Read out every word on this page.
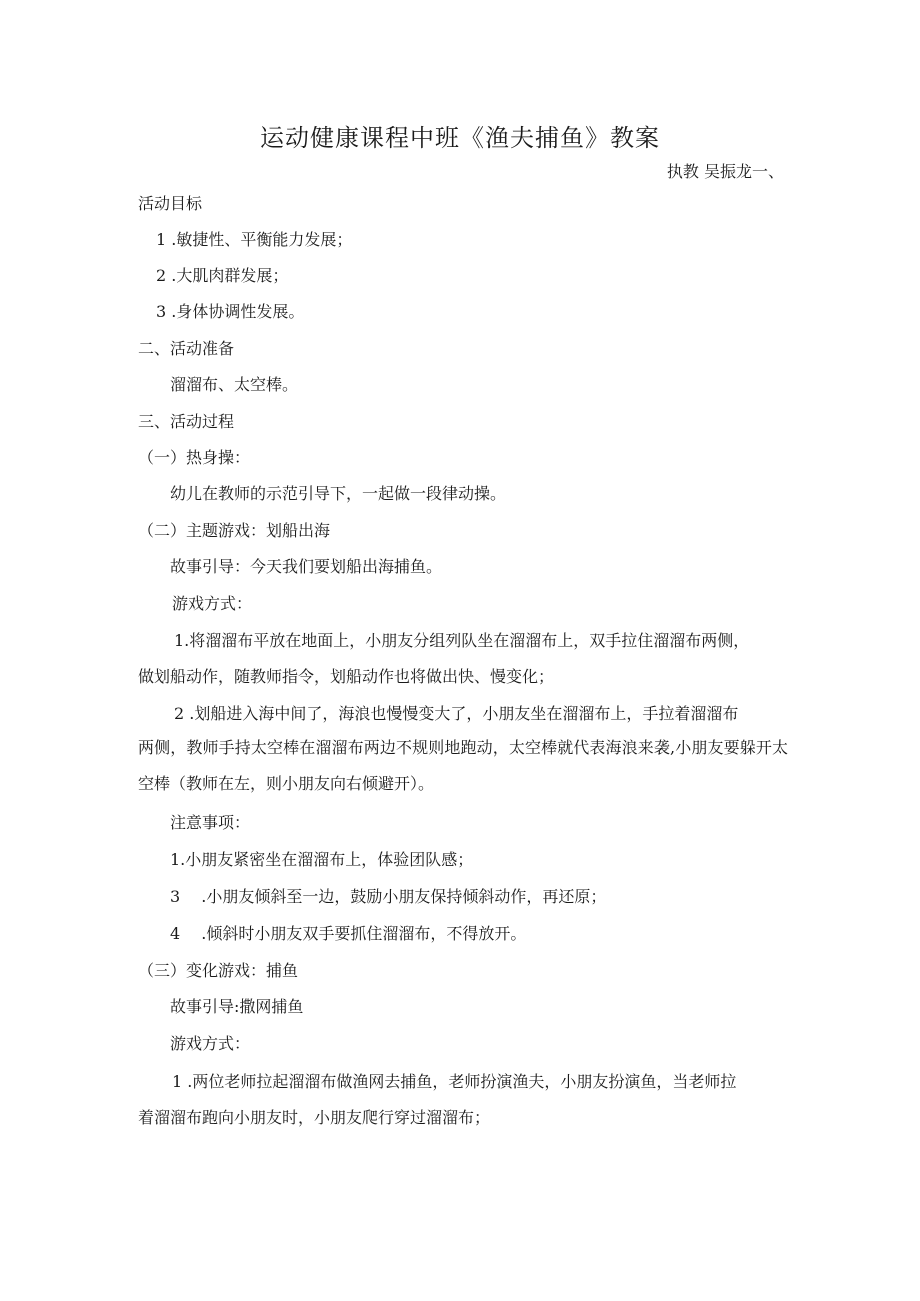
运动健康课程中班《渔夫捕鱼》教案
执教 吴振龙一、
活动目标
1 .敏捷性、平衡能力发展；
2 .大肌肉群发展；
3 .身体协调性发展。
二、活动准备
溜溜布、太空棒。
三、活动过程
（一）热身操：
幼儿在教师的示范引导下，一起做一段律动操。
（二）主题游戏：划船出海
故事引导：今天我们要划船出海捕鱼。
游戏方式：
1.将溜溜布平放在地面上，小朋友分组列队坐在溜溜布上，双手拉住溜溜布两侧，
做划船动作，随教师指令，划船动作也将做出快、慢变化；
2 .划船进入海中间了，海浪也慢慢变大了，小朋友坐在溜溜布上，手拉着溜溜布
两侧，教师手持太空棒在溜溜布两边不规则地跑动，太空棒就代表海浪来袭,小朋友要躲开太空棒（教师在左，则小朋友向右倾避开）。
注意事项：
1.小朋友紧密坐在溜溜布上，体验团队感；
3　 .小朋友倾斜至一边，鼓励小朋友保持倾斜动作，再还原；
4　 .倾斜时小朋友双手要抓住溜溜布，不得放开。
（三）变化游戏：捕鱼
故事引导:撒网捕鱼
游戏方式：
1 .两位老师拉起溜溜布做渔网去捕鱼，老师扮演渔夫，小朋友扮演鱼，当老师拉
着溜溜布跑向小朋友时，小朋友爬行穿过溜溜布；
